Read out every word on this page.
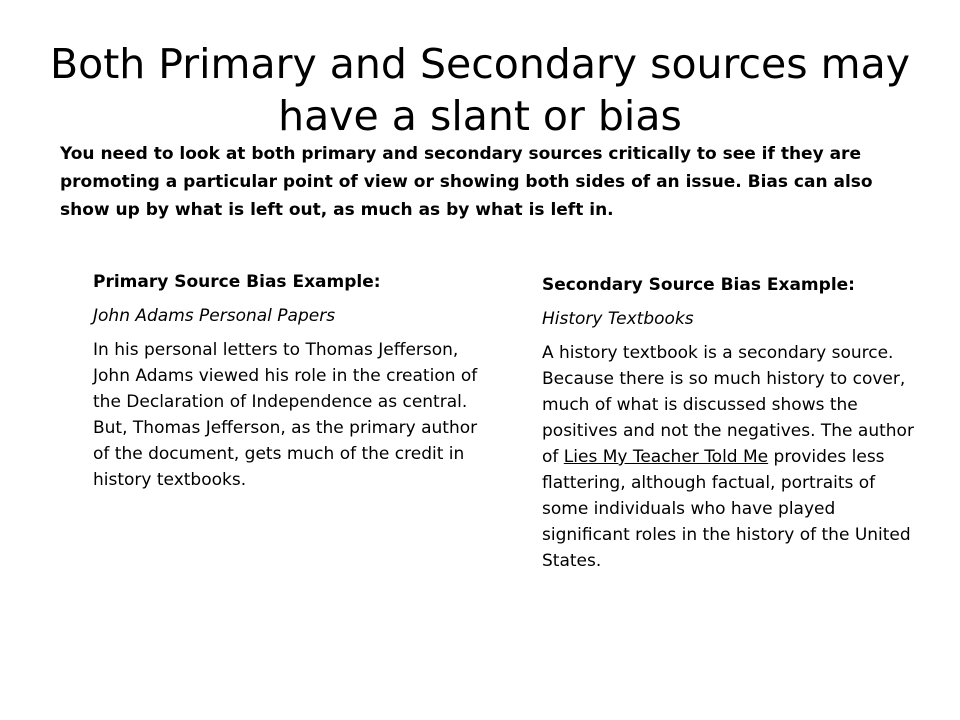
Both Primary and Secondary sources may have a slant or bias

You need to look at both primary and secondary sources critically to see if they are promoting a particular point of view or showing both sides of an issue. Bias can also show up by what is left out, as much as by what is left in.

Primary Source Bias Example:

John Adams Personal Papers

In his personal letters to Thomas Jefferson, John Adams viewed his role in the creation of the Declaration of Independence as central. But, Thomas Jefferson, as the primary author of the document, gets much of the credit in history textbooks.

Secondary Source Bias Example:

History Textbooks

A history textbook is a secondary source. Because there is so much history to cover, much of what is discussed shows the positives and not the negatives. The author of Lies My Teacher Told Me provides less flattering, although factual, portraits of some individuals who have played significant roles in the history of the United States.
